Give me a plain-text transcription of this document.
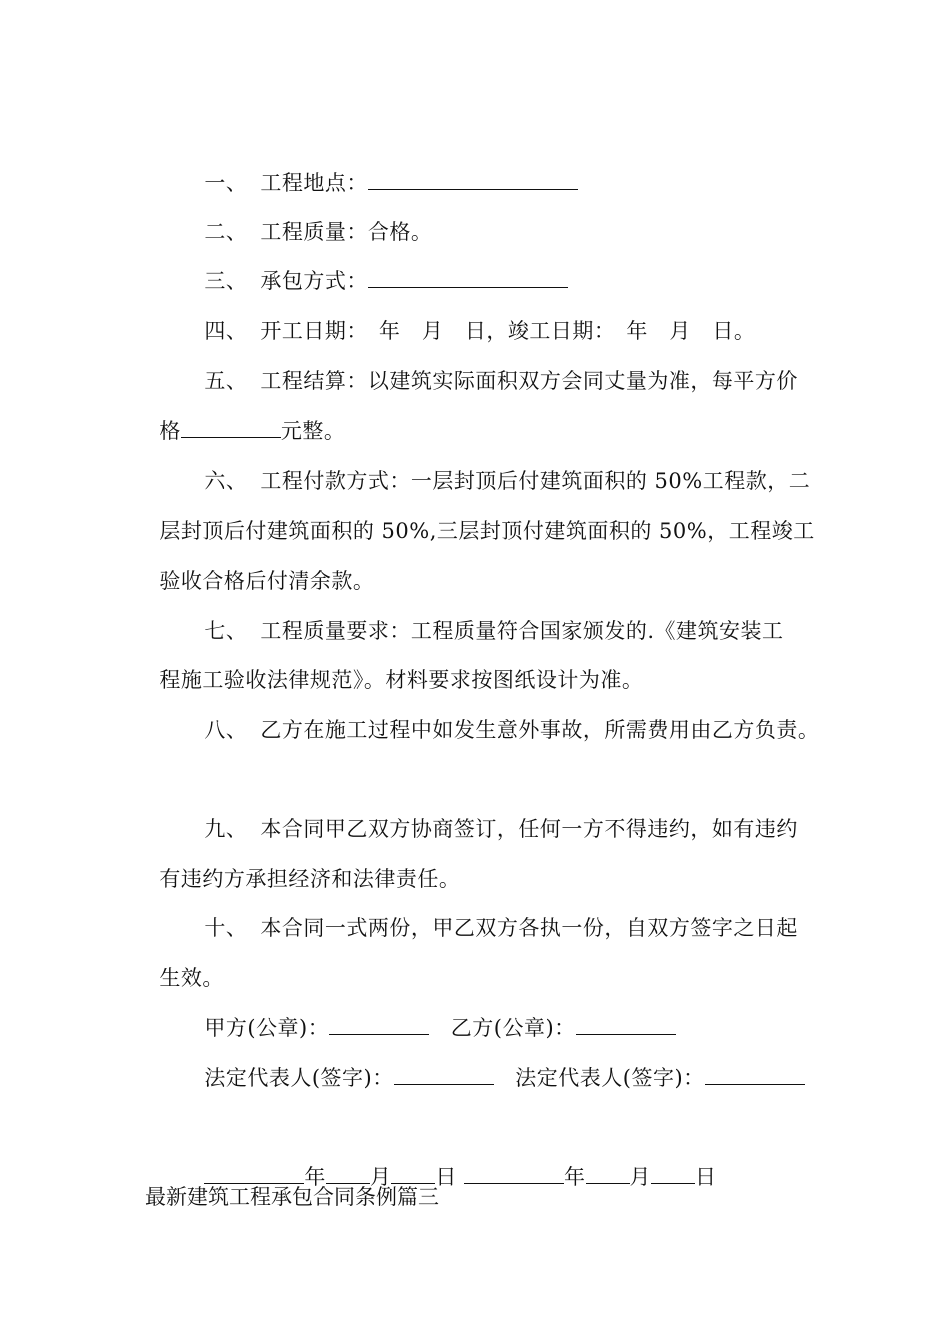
一、 工程地点：

二、 工程质量：合格。

三、 承包方式：

四、 开工日期：　年　月　日，竣工日期：　年　月　日。

五、 工程结算：以建筑实际面积双方会同丈量为准，每平方价

格	元整。

六、 工程付款方式：一层封顶后付建筑面积的 50%工程款，二

层封顶后付建筑面积的 50%,三层封顶付建筑面积的 50%，工程竣工

验收合格后付清余款。

七、 工程质量要求：工程质量符合国家颁发的.《建筑安装工

程施工验收法律规范》。材料要求按图纸设计为准。

八、 乙方在施工过程中如发生意外事故，所需费用由乙方负责。

九、 本合同甲乙双方协商签订，任何一方不得违约，如有违约

有违约方承担经济和法律责任。

十、 本合同一式两份，甲乙双方各执一份，自双方签字之日起

生效。

甲方(公章)：　	乙方(公章)：

法定代表人(签字)：　	法定代表人(签字)：

年 月 日	年 月 日

最新建筑工程承包合同条例篇三
